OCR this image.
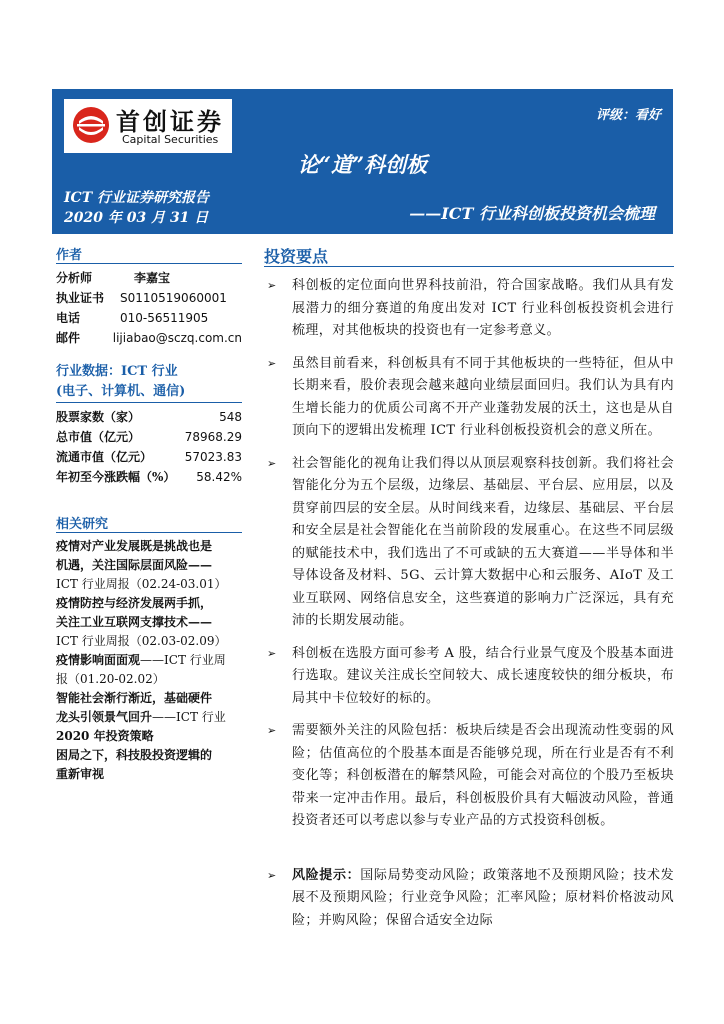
首创证券
Capital Securities
评级：看好
论“道”科创板
ICT 行业证券研究报告
2020 年 03 月 31 日	——ICT 行业科创板投资机会梳理
作者
分析师	李嘉宝
执业证书	S0110519060001
电话	010-56511905
邮件	lijiabao@sczq.com.cn
行业数据：ICT 行业
(电子、计算机、通信)
股票家数（家）	548
总市值（亿元）	78968.29
流通市值（亿元）	57023.83
年初至今涨跌幅（%）	58.42%
相关研究
疫情对产业发展既是挑战也是
机遇，关注国际层面风险——
ICT 行业周报（02.24-03.01）
疫情防控与经济发展两手抓，
关注工业互联网支撑技术——
ICT 行业周报（02.03-02.09）
疫情影响面面观——ICT 行业周
报（01.20-02.02）
智能社会渐行渐近，基础硬件
龙头引领景气回升——ICT 行业
2020 年投资策略
困局之下，科技股投资逻辑的
重新审视
投资要点
➢ 科创板的定位面向世界科技前沿，符合国家战略。我们从具有发展潜力的细分赛道的角度出发对 ICT 行业科创板投资机会进行梳理，对其他板块的投资也有一定参考意义。
➢ 虽然目前看来，科创板具有不同于其他板块的一些特征，但从中长期来看，股价表现会越来越向业绩层面回归。我们认为具有内生增长能力的优质公司离不开产业蓬勃发展的沃土，这也是从自顶向下的逻辑出发梳理 ICT 行业科创板投资机会的意义所在。
➢ 社会智能化的视角让我们得以从顶层观察科技创新。我们将社会智能化分为五个层级，边缘层、基础层、平台层、应用层，以及贯穿前四层的安全层。从时间线来看，边缘层、基础层、平台层和安全层是社会智能化在当前阶段的发展重心。在这些不同层级的赋能技术中，我们选出了不可或缺的五大赛道——半导体和半导体设备及材料、5G、云计算大数据中心和云服务、AIoT 及工业互联网、网络信息安全，这些赛道的影响力广泛深远，具有充沛的长期发展动能。
➢ 科创板在选股方面可参考 A 股，结合行业景气度及个股基本面进行选取。建议关注成长空间较大、成长速度较快的细分板块，布局其中卡位较好的标的。
➢ 需要额外关注的风险包括：板块后续是否会出现流动性变弱的风险；估值高位的个股基本面是否能够兑现，所在行业是否有不利变化等；科创板潜在的解禁风险，可能会对高位的个股乃至板块带来一定冲击作用。最后，科创板股价具有大幅波动风险，普通投资者还可以考虑以参与专业产品的方式投资科创板。
➢ 风险提示：国际局势变动风险；政策落地不及预期风险；技术发展不及预期风险；行业竞争风险；汇率风险；原材料价格波动风险；并购风险；保留合适安全边际
